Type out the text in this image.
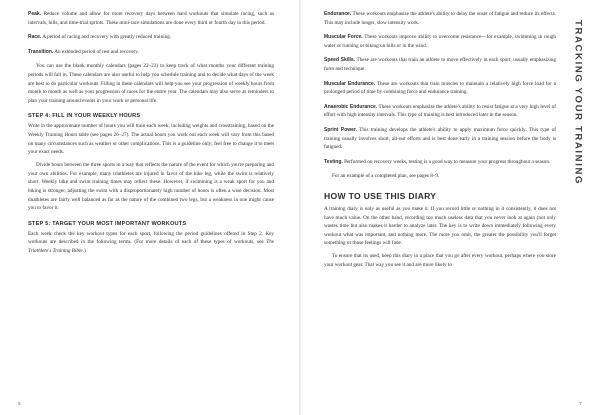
Peak. Reduce volume and allow for more recovery days between hard workouts that simulate racing, such as intervals, hills, and time-trial sprints. These mini-race simulations are done every third or fourth day in this period.

Race. A period of racing and recovery with greatly reduced training.

Transition. An extended period of rest and recovery.

You can use the blank monthly calendars (pages 22–23) to keep track of what months your different training periods will fall in. These calendars are also useful to help you schedule training and to decide what days of the week are best to do particular workouts. Filling in these calendars will help you see your progression of weekly hours from month to month as well as your progression of races for the entire year. The calendars may also serve as reminders to plan your training around events in your work or personal life.

STEP 4: FILL IN YOUR WEEKLY HOURS

Write in the approximate number of hours you will train each week, including weights and crosstraining, based on the Weekly Training Hours table (see pages 26–27). The actual hours you work out each week will vary from this based on many circumstances such as weather or other complications. This is a guideline only; feel free to change it to meet your exact needs.

Divide hours between the three sports in a way that reflects the nature of the event for which you're preparing and your own abilities. For example, many triathletes are injured in favor of the bike leg, while the swim is relatively short. Weekly bike and swim training times may reflect these. However, if swimming is a weak sport for you and biking is stronger, adjusting the swim with a disproportionately high number of hours is often a wise decision. Most duathletes are fairly well balanced as far as the nature of the combined two legs, but a weakness in one might cause you to favor it.

STEP 5: TARGET YOUR MOST IMPORTANT WORKOUTS

Each week check the key workout types for each sport, following the period guidelines offered in Step 2. Key workouts are described in the following terms. (For more details of each of these types of workouts, see The Triathlete's Training Bible.)

5

Endurance. These workouts emphasize the athlete's ability to delay the onset of fatigue and reduce its effects. This may include longer, slow intensity work.

Muscular Force. These workouts improve ability to overcome resistance—for example, swimming in rough water or running or biking on hills or in the wind.

Speed Skills. These are workouts that train an athlete to move effectively in each sport, usually emphasizing form and technique.

Muscular Endurance. These are workouts that train muscles to maintain a relatively high force load for a prolonged period of time by combining force and endurance training.

Anaerobic Endurance. These workouts emphasize the athlete's ability to resist fatigue at a very high level of effort with high intensity intervals. This type of training is best introduced later in the season.

Sprint Power. This training develops the athlete's ability to apply maximum force quickly. This type of training usually involves short, all-out efforts and is best done early in a training session before the body is fatigued.

Testing. Performed on recovery weeks, testing is a good way to measure your progress throughout a season.

For an example of a completed plan, see pages 8–9.

HOW TO USE THIS DIARY

A training diary is only as useful as you make it. If you record little or nothing in it consistently, it does not have much value. On the other hand, recording too much useless data that you never look at again (not only wastes time but also makes it harder to analyze later. The key is to write down immediately following every workout what was important, and nothing more. The more you omit, the greater the possibility you'll forget something or those feelings will fade.

To ensure that its used, keep this diary in a place that you go after every workout, perhaps where you store your workout gear. That way you see it and are more likely to

TRACKING YOUR TRAINING
7
